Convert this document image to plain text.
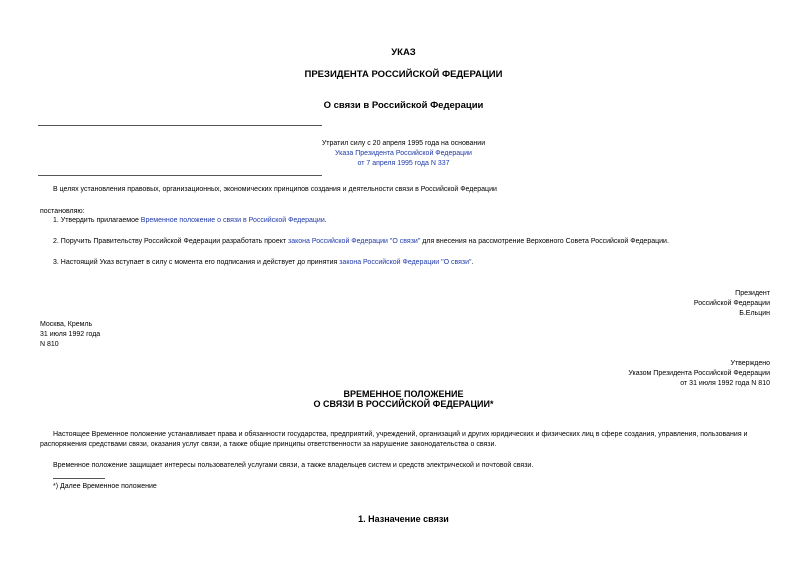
УКАЗ
ПРЕЗИДЕНТА РОССИЙСКОЙ ФЕДЕРАЦИИ
О связи в Российской Федерации
Утратил силу с 20 апреля 1995 года на основании
Указа Президента Российской Федерации
от 7 апреля 1995 года N 337
В целях установления правовых, организационных, экономических принципов создания и деятельности связи в Российской Федерации
постановляю:
1. Утвердить прилагаемое Временное положение о связи в Российской Федерации.
2. Поручить Правительству Российской Федерации разработать проект закона Российской Федерации "О связи" для внесения на рассмотрение Верховного Совета Российской Федерации.
3. Настоящий Указ вступает в силу с момента его подписания и действует до принятия закона Российской Федерации "О связи".
Президент
Российской Федерации
Б.Ельцин
Москва, Кремль
31 июля 1992 года
N 810
Утверждено
Указом Президента Российской Федерации
от 31 июля 1992 года N 810
ВРЕМЕННОЕ ПОЛОЖЕНИЕ
О СВЯЗИ В РОССИЙСКОЙ ФЕДЕРАЦИИ*
Настоящее Временное положение устанавливает права и обязанности государства, предприятий, учреждений, организаций и других юридических и физических лиц в сфере создания, управления, пользования и
распоряжения средствами связи, оказания услуг связи, а также общие принципы ответственности за нарушение законодательства о связи.
Временное положение защищает интересы пользователей услугами связи, а также владельцев систем и средств электрической и почтовой связи.
*) Далее Временное положение
1. Назначение связи
